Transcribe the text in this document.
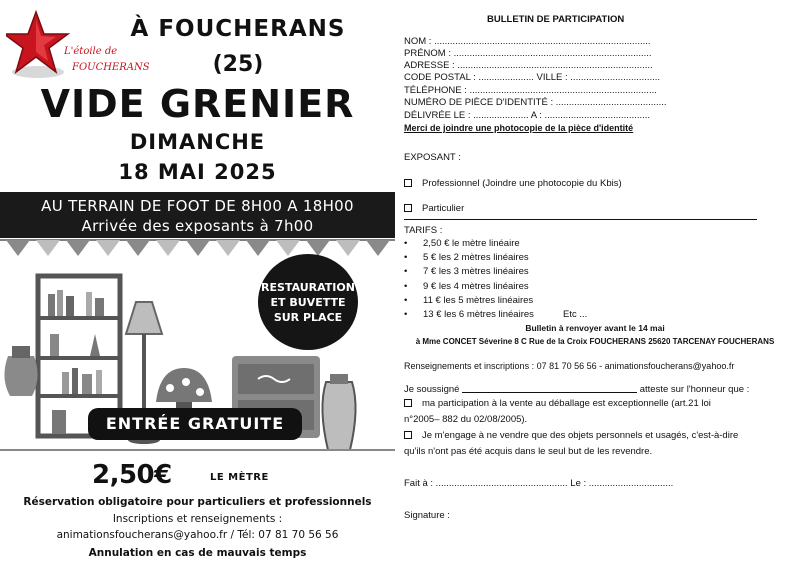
L'étoile de
FOUCHERANS
À FOUCHERANS
(25)
VIDE GRENIER
DIMANCHE
18 MAI 2025
AU TERRAIN DE FOOT DE 8H00 A 18H00
Arrivée des exposants à 7h00
RESTAURATION
ET BUVETTE
SUR PLACE
ENTRÉE GRATUITE
2,50€	LE MÈTRE
Réservation obligatoire pour particuliers et professionnels
Inscriptions et renseignements :
animationsfoucherans@yahoo.fr / Tél: 07 81 70 56 56
Annulation en cas de mauvais temps
BULLETIN DE PARTICIPATION
NOM : ..................................................................................
PRÉNOM : ...........................................................................
ADRESSE : ..........................................................................
CODE POSTAL : ..................... VILLE : ..................................
TÉLÉPHONE : .......................................................................
NUMÉRO DE PIÈCE D'IDENTITÉ : ..........................................
DÉLIVRÉE LE : ..................... A : ........................................
Merci de joindre une photocopie de la pièce d'identité
EXPOSANT :
Professionnel (Joindre une photocopie du Kbis)
Particulier
TARIFS :
• 2,50 € le mètre linéaire
• 5 € les 2 mètres linéaires
• 7 € les 3 mètres linéaires
• 9 € les 4 mètres linéaires
• 11 € les 5 mètres linéaires
• 13 € les 6 mètres linéaires	Etc ...
Bulletin à renvoyer avant le 14 mai
à Mme CONCET Séverine 8 C Rue de la Croix FOUCHERANS 25620 TARCENAY FOUCHERANS
Renseignements et inscriptions : 07 81 70 56 56 - animationsfoucherans@yahoo.fr
Je soussigné	atteste sur l'honneur que :
ma participation à la vente au déballage est exceptionnelle (art.21 loi
n°2005– 882 du 02/08/2005).
Je m'engage à ne vendre que des objets personnels et usagés, c'est-à-dire
qu'ils n'ont pas été acquis dans le seul but de les revendre.
Fait à : .................................................. Le : ................................
Signature :
